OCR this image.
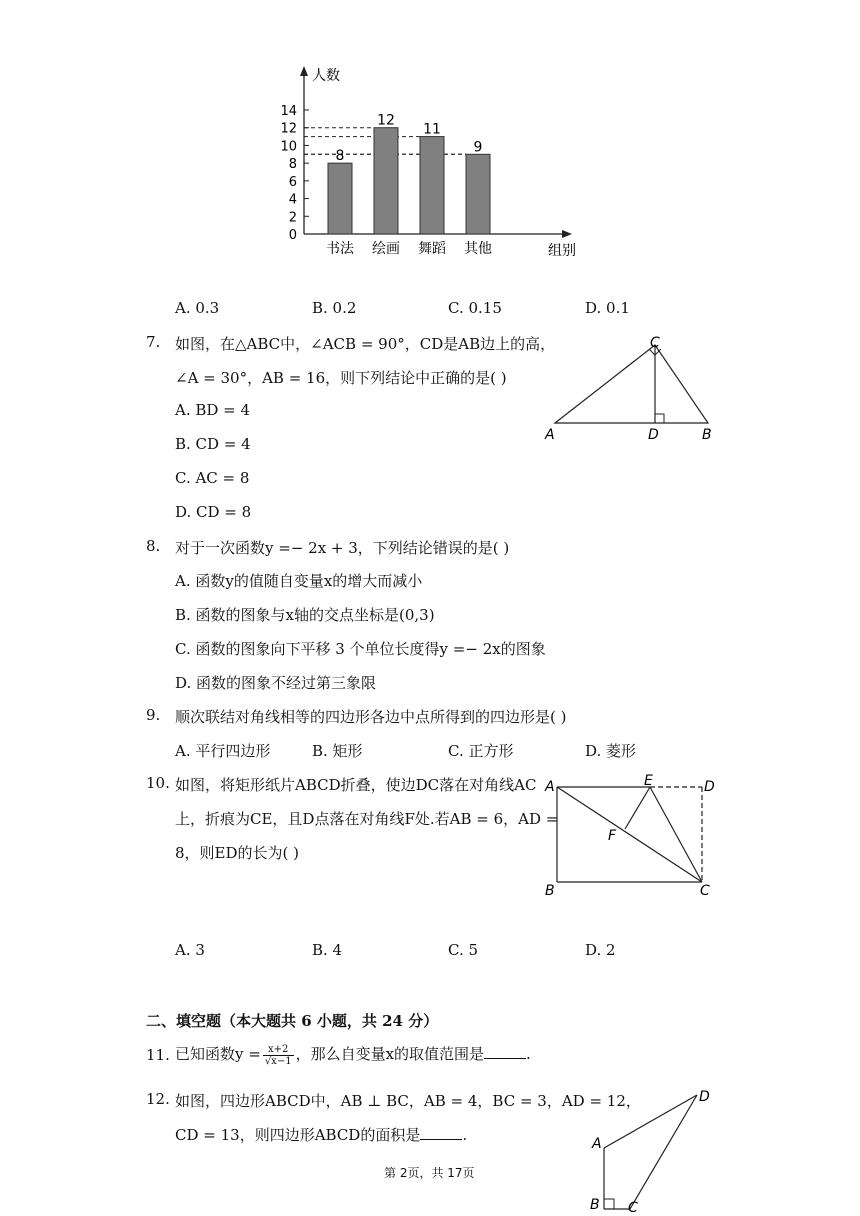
人数
组别
0
2
4
6
8
10
12
14
8
书法
12
绘画
11
舞蹈
9
其他
A. 0.3	B. 0.2	C. 0.15	D. 0.1
7. 如图，在△ABC中，∠ACB = 90°，CD是AB边上的高，
∠A = 30°，AB = 16，则下列结论中正确的是( )
A. BD = 4
B. CD = 4
C. AC = 8
D. CD = 8
A
C
D	B
8. 对于一次函数y =− 2x + 3，下列结论错误的是( )
A. 函数y的值随自变量x的增大而减小
B. 函数的图象与x轴的交点坐标是(0,3)
C. 函数的图象向下平移 3 个单位长度得y =− 2x的图象
D. 函数的图象不经过第三象限
9. 顺次联结对角线相等的四边形各边中点所得到的四边形是( )
A. 平行四边形	B. 矩形	C. 正方形	D. 菱形
10. 如图，将矩形纸片ABCD折叠，使边DC落在对角线AC
上，折痕为CE，且D点落在对角线F处.若AB = 6，AD =
8，则ED的长为( )
A	E	D
F
B	C
A. 3	B. 4	C. 5	D. 2
二、填空题（本大题共 6 小题，共 24 分）
11. 已知函数$y = \frac{x+2}{√x-1}$ ，那么自变量x的取值范围是	.
12. 如图，四边形ABCD中，AB ⊥ BC，AB = 4，BC = 3，AD = 12，
CD = 13，则四边形ABCD的面积是	.	A
B C
D
第 2页，共 17页
